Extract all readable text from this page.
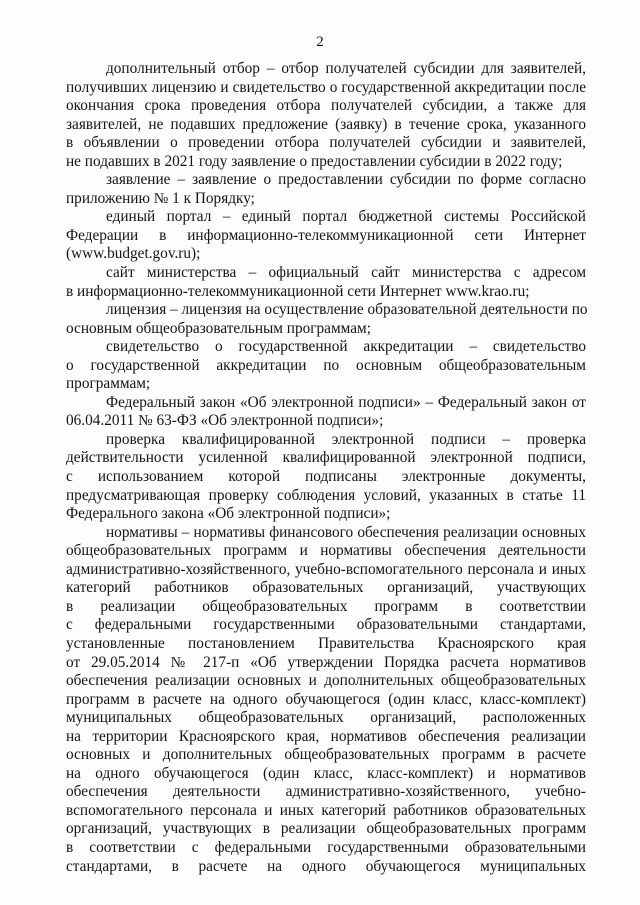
2
дополнительный отбор – отбор получателей субсидии для заявителей,
получивших лицензию и свидетельство о государственной аккредитации после
окончания срока проведения отбора получателей субсидии, а также для
заявителей, не подавших предложение (заявку) в течение срока, указанного
в объявлении о проведении отбора получателей субсидии и заявителей,
не подавших в 2021 году заявление о предоставлении субсидии в 2022 году;
заявление – заявление о предоставлении субсидии по форме согласно
приложению № 1 к Порядку;
единый портал – единый портал бюджетной системы Российской
Федерации в информационно-телекоммуникационной сети Интернет
(www.budget.gov.ru);
сайт министерства – официальный сайт министерства с адресом
в информационно-телекоммуникационной сети Интернет www.krao.ru;
лицензия – лицензия на осуществление образовательной деятельности по
основным общеобразовательным программам;
свидетельство о государственной аккредитации – свидетельство
о государственной аккредитации по основным общеобразовательным
программам;
Федеральный закон «Об электронной подписи» – Федеральный закон от
06.04.2011 № 63-ФЗ «Об электронной подписи»;
проверка квалифицированной электронной подписи – проверка
действительности усиленной квалифицированной электронной подписи,
с использованием которой подписаны электронные документы,
предусматривающая проверку соблюдения условий, указанных в статье 11
Федерального закона «Об электронной подписи»;
нормативы – нормативы финансового обеспечения реализации основных
общеобразовательных программ и нормативы обеспечения деятельности
административно-хозяйственного, учебно-вспомогательного персонала и иных
категорий работников образовательных организаций, участвующих
в реализации общеобразовательных программ в соответствии
с федеральными государственными образовательными стандартами,
установленные постановлением Правительства Красноярского края
от 29.05.2014 № 217-п «Об утверждении Порядка расчета нормативов
обеспечения реализации основных и дополнительных общеобразовательных
программ в расчете на одного обучающегося (один класс, класс-комплект)
муниципальных общеобразовательных организаций, расположенных
на территории Красноярского края, нормативов обеспечения реализации
основных и дополнительных общеобразовательных программ в расчете
на одного обучающегося (один класс, класс-комплект) и нормативов
обеспечения деятельности административно-хозяйственного, учебно-
вспомогательного персонала и иных категорий работников образовательных
организаций, участвующих в реализации общеобразовательных программ
в соответствии с федеральными государственными образовательными
стандартами, в расчете на одного обучающегося муниципальных
